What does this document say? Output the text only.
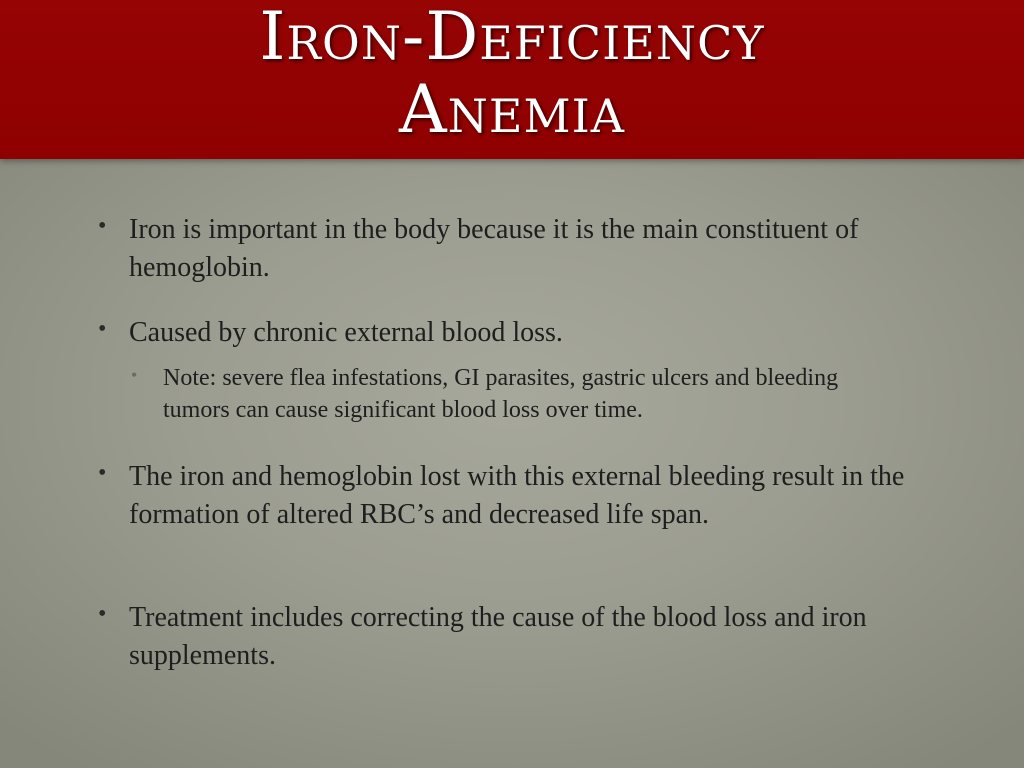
Iron-Deficiency
Anemia
• Iron is important in the body because it is the main constituent of hemoglobin.

• Caused by chronic external blood loss.

• Note: severe flea infestations, GI parasites, gastric ulcers and bleeding tumors can cause significant blood loss over time.

• The iron and hemoglobin lost with this external bleeding result in the formation of altered RBC’s and decreased life span.

• Treatment includes correcting the cause of the blood loss and iron supplements.
